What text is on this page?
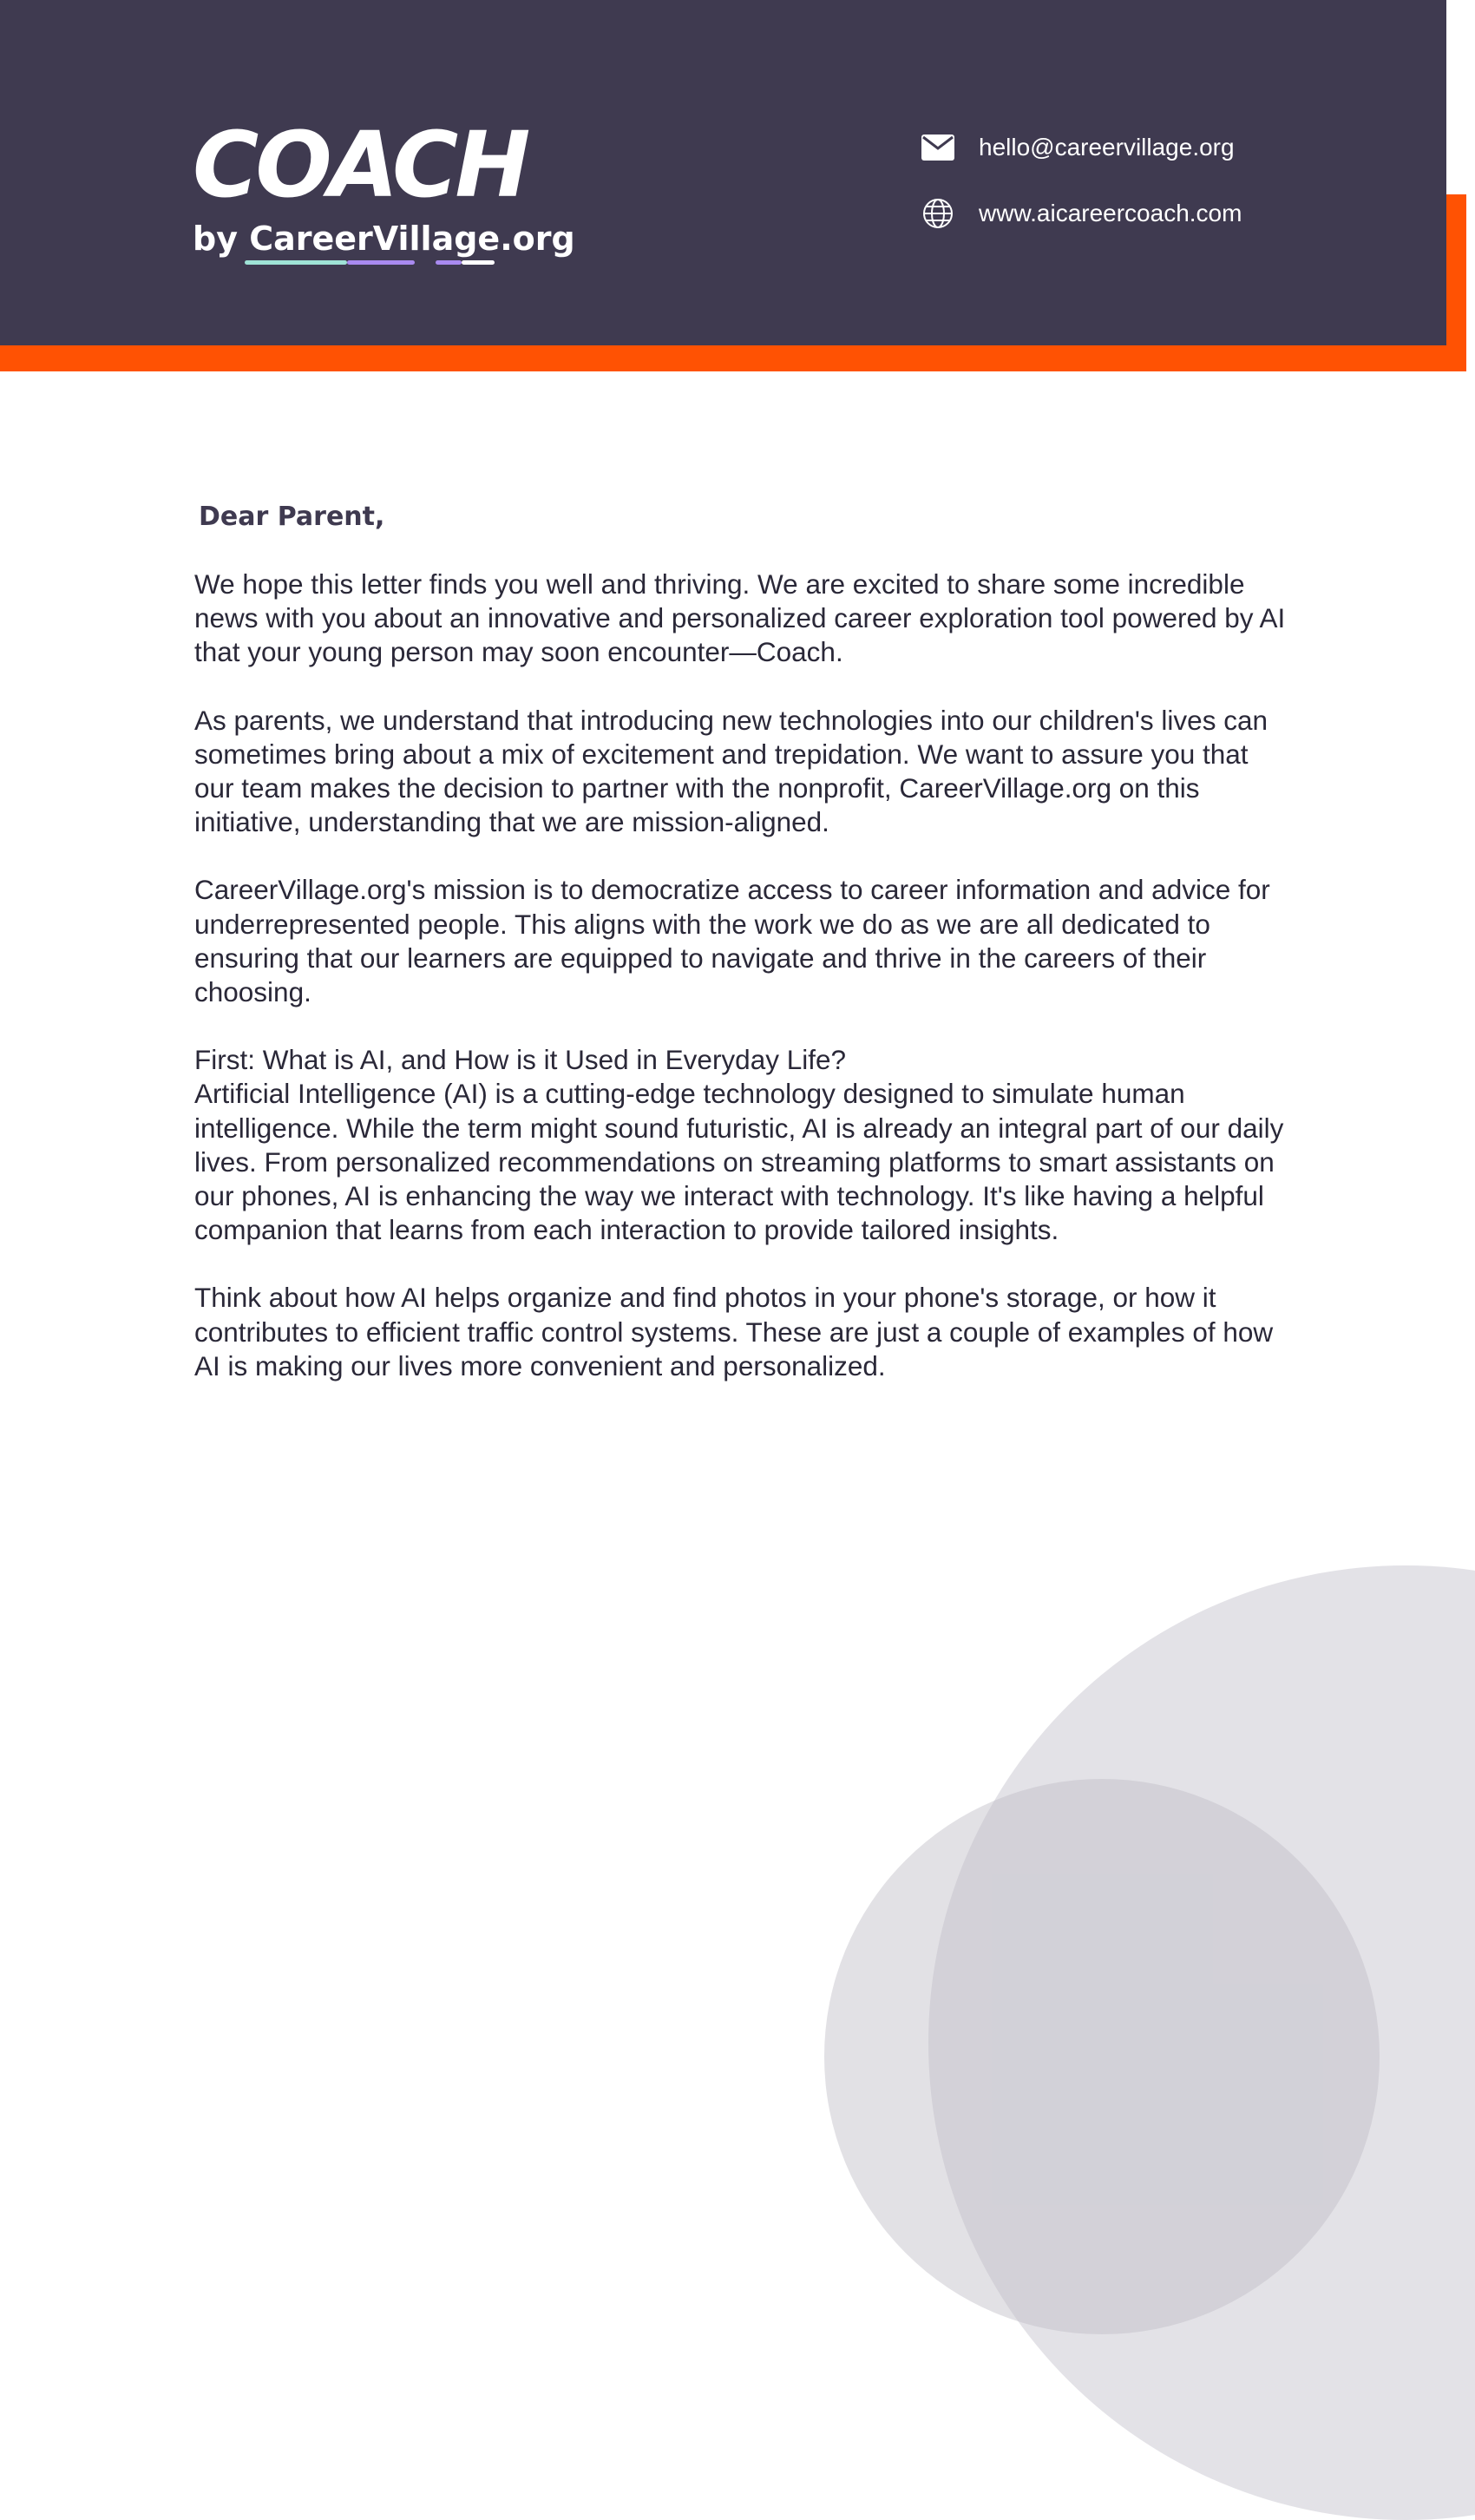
COACH
by CareerVillage.org
hello@careervillage.org
www.aicareercoach.com
Dear Parent,

We hope this letter finds you well and thriving. We are excited to share some incredible news with you about an innovative and personalized career exploration tool powered by AI that your young person may soon encounter—Coach.

As parents, we understand that introducing new technologies into our children's lives can sometimes bring about a mix of excitement and trepidation. We want to assure you that our team makes the decision to partner with the nonprofit, CareerVillage.org on this initiative, understanding that we are mission-aligned.

CareerVillage.org's mission is to democratize access to career information and advice for underrepresented people. This aligns with the work we do as we are all dedicated to ensuring that our learners are equipped to navigate and thrive in the careers of their choosing.

First: What is AI, and How is it Used in Everyday Life?
Artificial Intelligence (AI) is a cutting-edge technology designed to simulate human intelligence. While the term might sound futuristic, AI is already an integral part of our daily lives. From personalized recommendations on streaming platforms to smart assistants on our phones, AI is enhancing the way we interact with technology. It's like having a helpful companion that learns from each interaction to provide tailored insights.

Think about how AI helps organize and find photos in your phone's storage, or how it contributes to efficient traffic control systems. These are just a couple of examples of how AI is making our lives more convenient and personalized.
